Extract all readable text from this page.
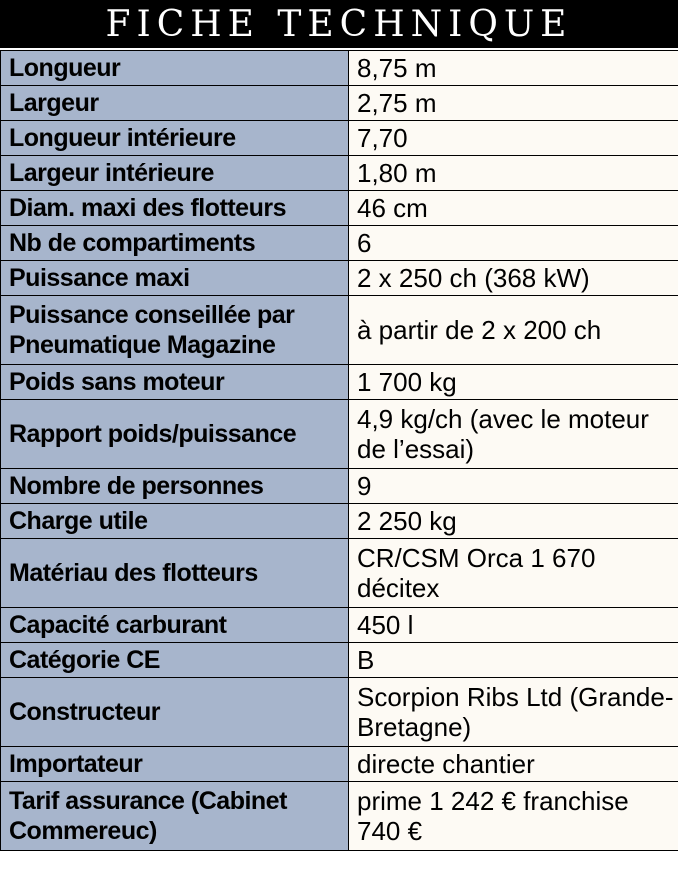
FICHE TECHNIQUE
Longueur	8,75 m
Largeur	2,75 m
Longueur intérieure	7,70
Largeur intérieure	1,80 m
Diam. maxi des flotteurs	46 cm
Nb de compartiments	6
Puissance maxi	2 x 250 ch (368 kW)
Puissance conseillée par Pneumatique Magazine	à partir de 2 x 200 ch
Poids sans moteur	1 700 kg
Rapport poids/puissance	4,9 kg/ch (avec le moteur de l’essai)
Nombre de personnes	9
Charge utile	2 250 kg
Matériau des flotteurs	CR/CSM Orca 1 670 décitex
Capacité carburant	450 l
Catégorie CE	B
Constructeur	Scorpion Ribs Ltd (Grande-Bretagne)
Importateur	directe chantier
Tarif assurance (Cabinet Commereuc)	prime 1 242 € franchise 740 €
